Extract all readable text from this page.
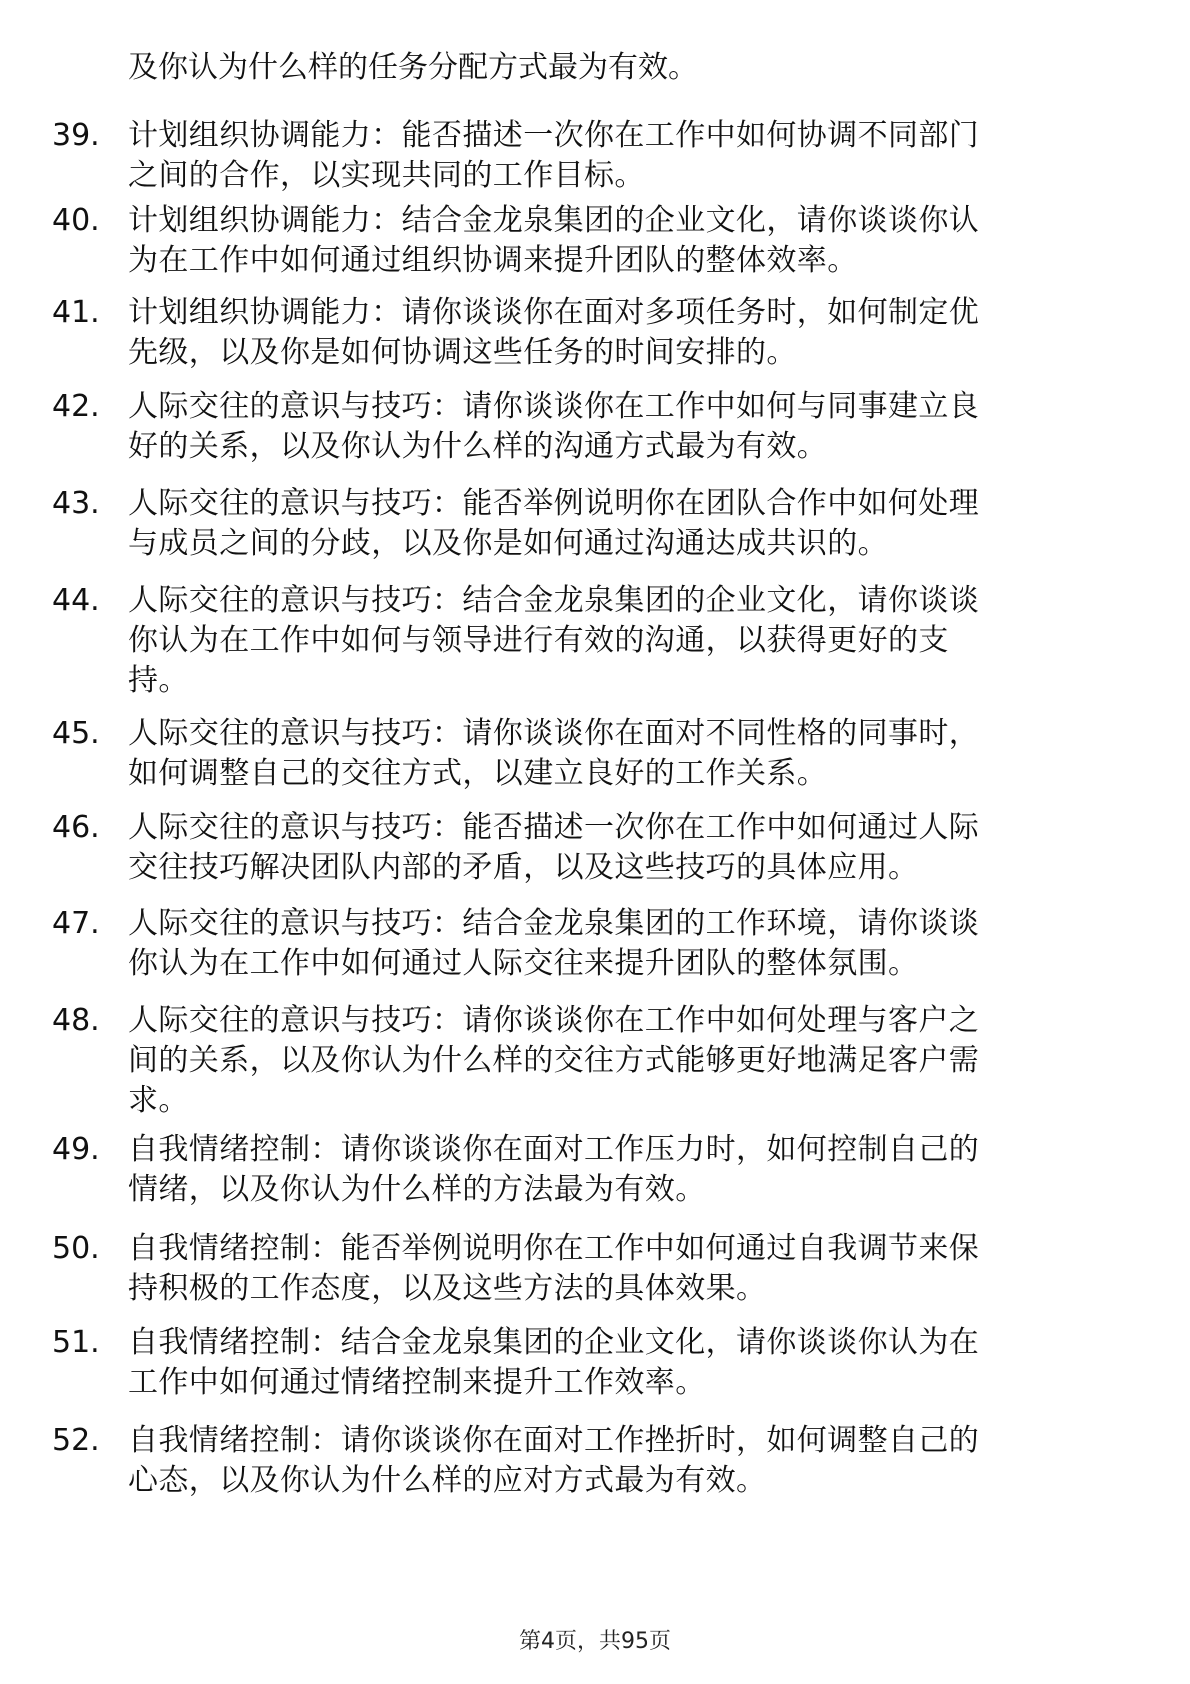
及你认为什么样的任务分配方式最为有效。
39. 计划组织协调能力：能否描述一次你在工作中如何协调不同部门
之间的合作，以实现共同的工作目标。
40. 计划组织协调能力：结合金龙泉集团的企业文化，请你谈谈你认
为在工作中如何通过组织协调来提升团队的整体效率。
41. 计划组织协调能力：请你谈谈你在面对多项任务时，如何制定优
先级，以及你是如何协调这些任务的时间安排的。
42. 人际交往的意识与技巧：请你谈谈你在工作中如何与同事建立良
好的关系，以及你认为什么样的沟通方式最为有效。
43. 人际交往的意识与技巧：能否举例说明你在团队合作中如何处理
与成员之间的分歧，以及你是如何通过沟通达成共识的。
44. 人际交往的意识与技巧：结合金龙泉集团的企业文化，请你谈谈
你认为在工作中如何与领导进行有效的沟通，以获得更好的支
持。
45. 人际交往的意识与技巧：请你谈谈你在面对不同性格的同事时，
如何调整自己的交往方式，以建立良好的工作关系。
46. 人际交往的意识与技巧：能否描述一次你在工作中如何通过人际
交往技巧解决团队内部的矛盾，以及这些技巧的具体应用。
47. 人际交往的意识与技巧：结合金龙泉集团的工作环境，请你谈谈
你认为在工作中如何通过人际交往来提升团队的整体氛围。
48. 人际交往的意识与技巧：请你谈谈你在工作中如何处理与客户之
间的关系，以及你认为什么样的交往方式能够更好地满足客户需
求。
49. 自我情绪控制：请你谈谈你在面对工作压力时，如何控制自己的
情绪，以及你认为什么样的方法最为有效。
50. 自我情绪控制：能否举例说明你在工作中如何通过自我调节来保
持积极的工作态度，以及这些方法的具体效果。
51. 自我情绪控制：结合金龙泉集团的企业文化，请你谈谈你认为在
工作中如何通过情绪控制来提升工作效率。
52. 自我情绪控制：请你谈谈你在面对工作挫折时，如何调整自己的
心态，以及你认为什么样的应对方式最为有效。
第4页，共95页
